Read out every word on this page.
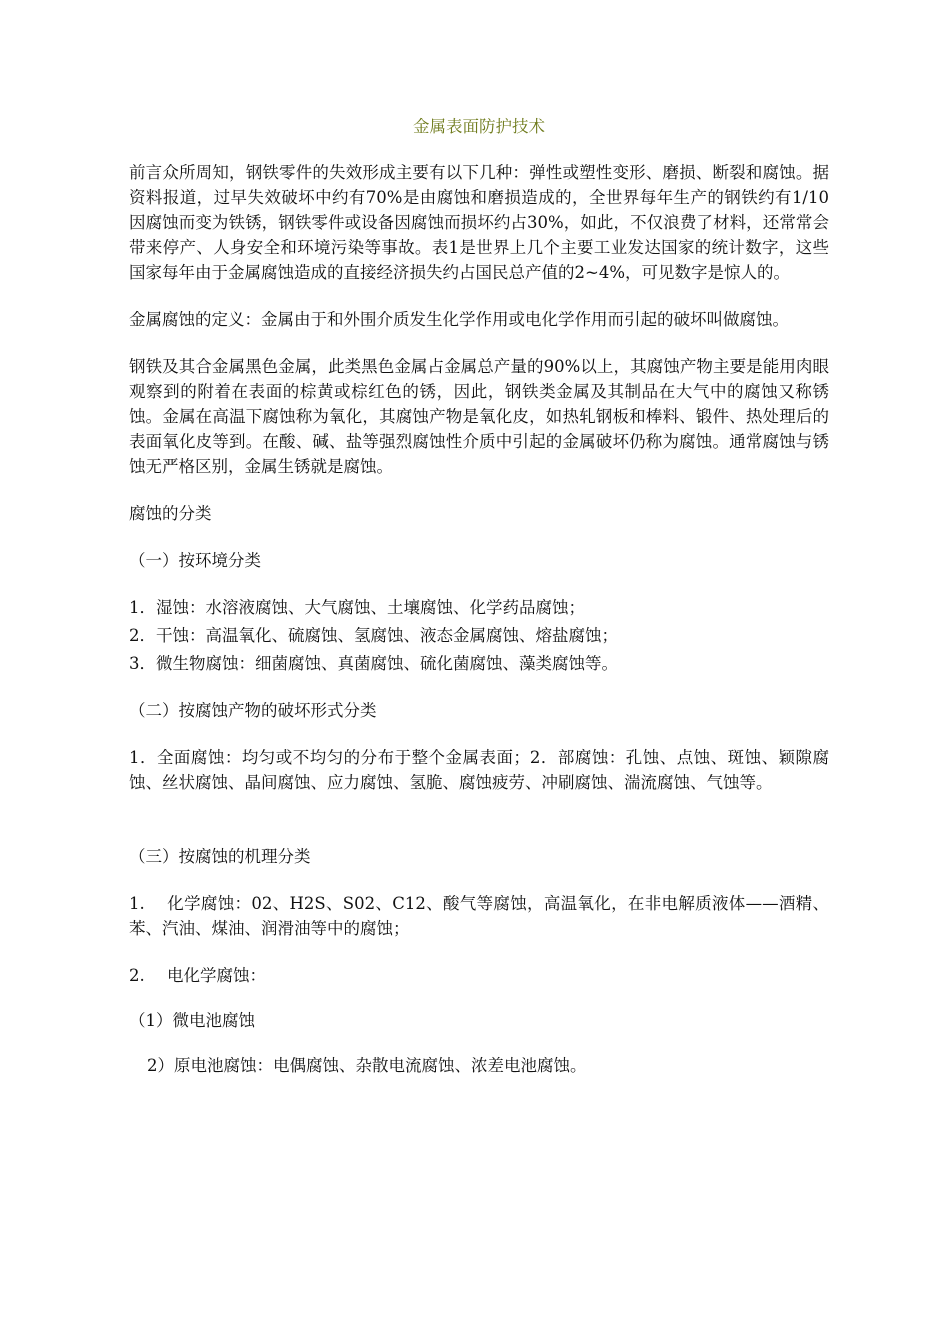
金属表面防护技术

前言众所周知，钢铁零件的失效形成主要有以下几种：弹性或塑性变形、磨损、断裂和腐蚀。据资料报道，过早失效破坏中约有70%是由腐蚀和磨损造成的，全世界每年生产的钢铁约有1/10因腐蚀而变为铁锈，钢铁零件或设备因腐蚀而损坏约占30%，如此，不仅浪费了材料，还常常会带来停产、人身安全和环境污染等事故。表1是世界上几个主要工业发达国家的统计数字，这些国家每年由于金属腐蚀造成的直接经济损失约占国民总产值的2~4%，可见数字是惊人的。

金属腐蚀的定义：金属由于和外围介质发生化学作用或电化学作用而引起的破坏叫做腐蚀。

钢铁及其合金属黑色金属，此类黑色金属占金属总产量的90%以上，其腐蚀产物主要是能用肉眼观察到的附着在表面的棕黄或棕红色的锈，因此，钢铁类金属及其制品在大气中的腐蚀又称锈蚀。金属在高温下腐蚀称为氧化，其腐蚀产物是氧化皮，如热轧钢板和棒料、锻件、热处理后的表面氧化皮等到。在酸、碱、盐等强烈腐蚀性介质中引起的金属破坏仍称为腐蚀。通常腐蚀与锈蚀无严格区别，金属生锈就是腐蚀。

腐蚀的分类

（一）按环境分类

1．湿蚀：水溶液腐蚀、大气腐蚀、土壤腐蚀、化学药品腐蚀；

2．干蚀：高温氧化、硫腐蚀、氢腐蚀、液态金属腐蚀、熔盐腐蚀；

3．微生物腐蚀：细菌腐蚀、真菌腐蚀、硫化菌腐蚀、藻类腐蚀等。

（二）按腐蚀产物的破坏形式分类

1．全面腐蚀：均匀或不均匀的分布于整个金属表面；2．部腐蚀：孔蚀、点蚀、斑蚀、颖隙腐蚀、丝状腐蚀、晶间腐蚀、应力腐蚀、氢脆、腐蚀疲劳、冲刷腐蚀、湍流腐蚀、气蚀等。

（三）按腐蚀的机理分类

1. 化学腐蚀：02、H2S、S02、C12、酸气等腐蚀，高温氧化，在非电解质液体——酒精、苯、汽油、煤油、润滑油等中的腐蚀；

2. 电化学腐蚀：

（1）微电池腐蚀

2）原电池腐蚀：电偶腐蚀、杂散电流腐蚀、浓差电池腐蚀。
